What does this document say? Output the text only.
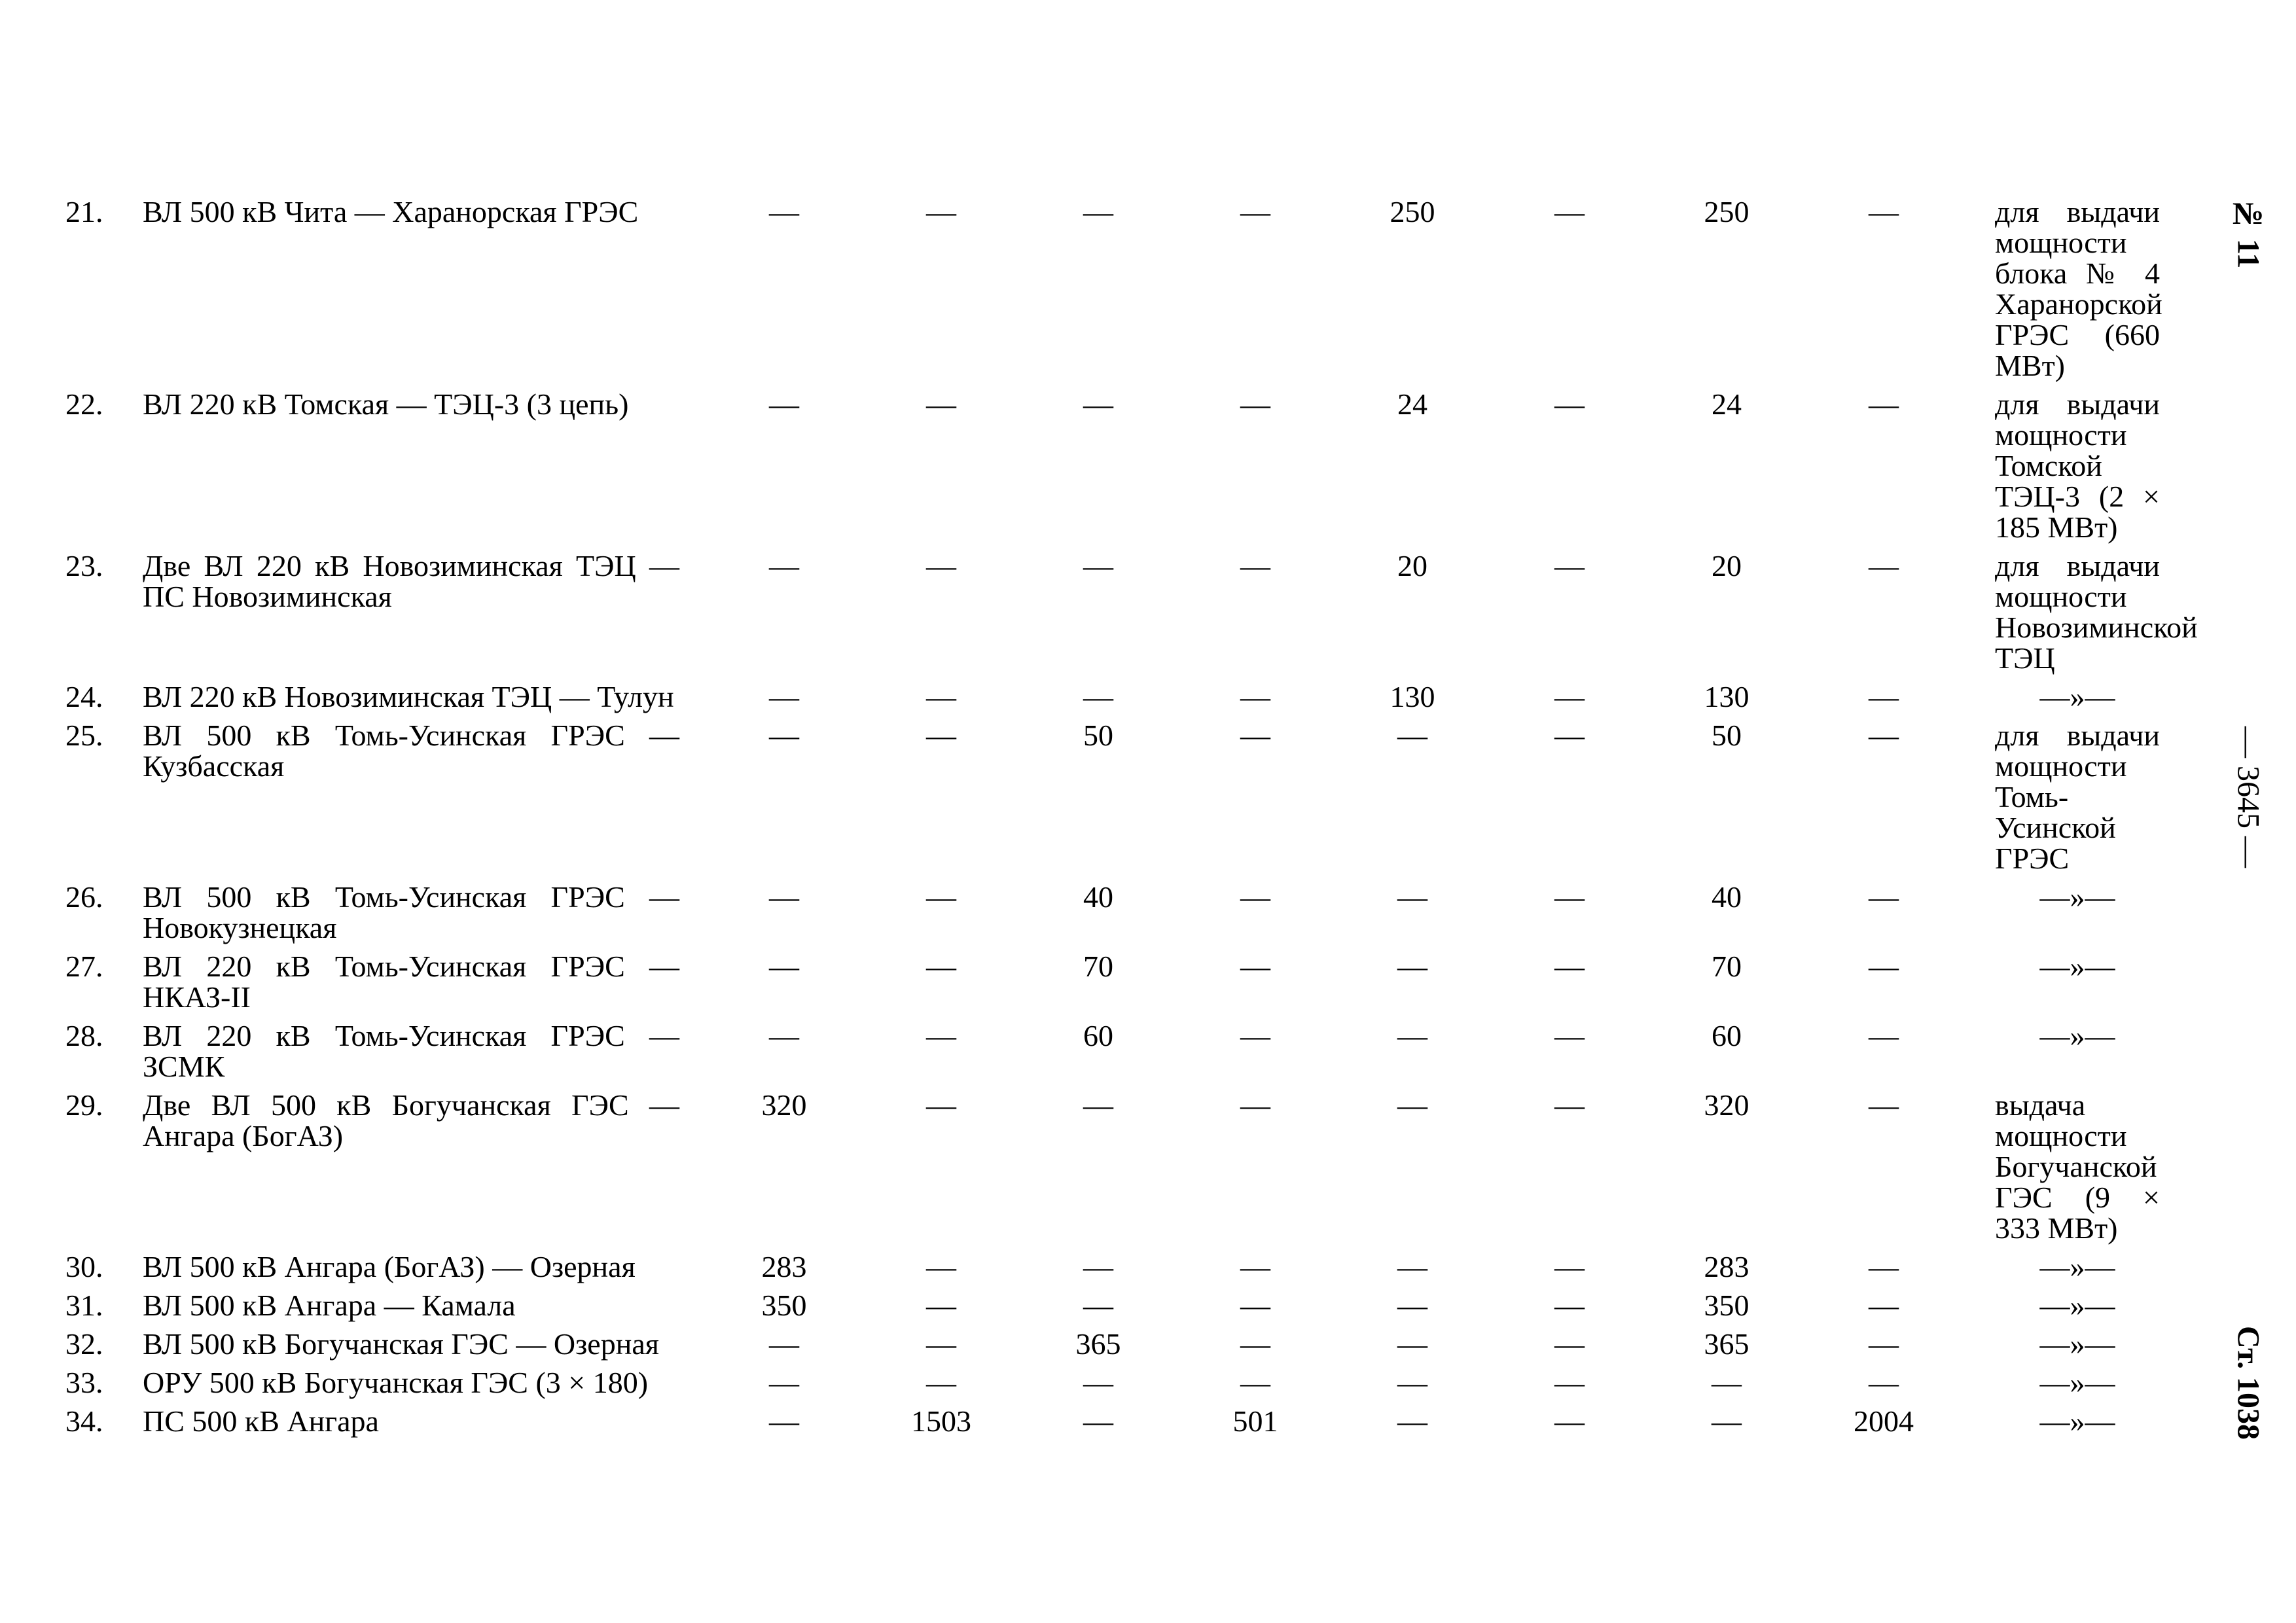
21.	ВЛ 500 кВ Чита — Харанорская ГРЭС	—	—	—	—	250	—	250	—	для выдачи мощности блока № 4 Харанорской ГРЭС (660 МВт)
22.	ВЛ 220 кВ Томская — ТЭЦ-3 (3 цепь)	—	—	—	—	24	—	24	—	для выдачи мощности Томской ТЭЦ-3 (2 × 185 МВт)
23.	Две ВЛ 220 кВ Новозиминская ТЭЦ — ПС Новозиминская	—	—	—	—	20	—	20	—	для выдачи мощности Новозиминской ТЭЦ
24.	ВЛ 220 кВ Новозиминская ТЭЦ — Тулун	—	—	—	—	130	—	130	—	—»—
25.	ВЛ 500 кВ Томь-Усинская ГРЭС — Кузбасская	—	—	50	—	—	—	50	—	для выдачи мощности Томь-Усинской ГРЭС
26.	ВЛ 500 кВ Томь-Усинская ГРЭС — Новокузнецкая	—	—	40	—	—	—	40	—	—»—
27.	ВЛ 220 кВ Томь-Усинская ГРЭС — НКАЗ-II	—	—	70	—	—	—	70	—	—»—
28.	ВЛ 220 кВ Томь-Усинская ГРЭС — ЗСМК	—	—	60	—	—	—	60	—	—»—
29.	Две ВЛ 500 кВ Богучанская ГЭС — Ангара (БогАЗ)	320	—	—	—	—	—	320	—	выдача мощности Богучанской ГЭС (9 × 333 МВт)
30.	ВЛ 500 кВ Ангара (БогАЗ) — Озерная	283	—	—	—	—	—	283	—	—»—
31.	ВЛ 500 кВ Ангара — Камала	350	—	—	—	—	—	350	—	—»—
32.	ВЛ 500 кВ Богучанская ГЭС — Озерная	—	—	365	—	—	—	365	—	—»—
33.	ОРУ 500 кВ Богучанская ГЭС (3 × 180)	—	—	—	—	—	—	—	—	—»—
34.	ПС 500 кВ Ангара	—	1503	—	501	—	—	—	2004	—»—
№ 11
— 3645 —
Ст. 1038
